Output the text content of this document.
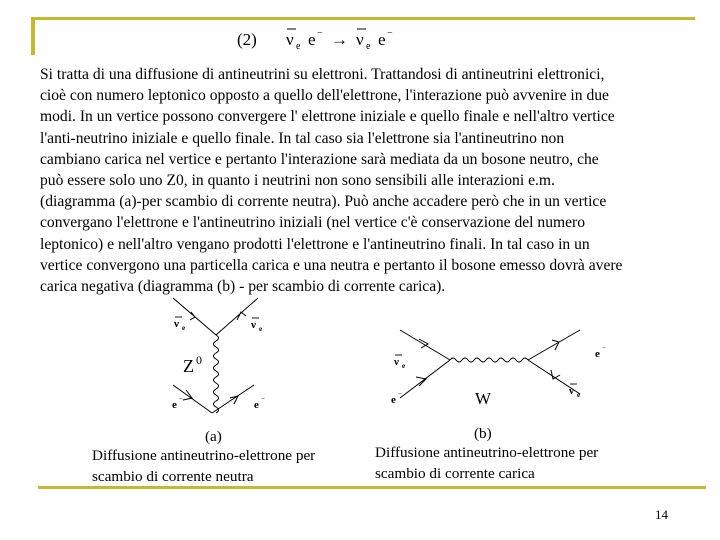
(2) ν e e − → ν e e −
Si tratta di una diffusione di antineutrini su elettroni. Trattandosi di antineutrini elettronici,
cioè con numero leptonico opposto a quello dell'elettrone, l'interazione può avvenire in due
modi. In un vertice possono convergere l' elettrone iniziale e quello finale e nell'altro vertice
l'anti-neutrino iniziale e quello finale. In tal caso sia l'elettrone sia l'antineutrino non
cambiano carica nel vertice e pertanto l'interazione sarà mediata da un bosone neutro, che
può essere solo uno Z0, in quanto i neutrini non sono sensibili alle interazioni e.m.
(diagramma (a)-per scambio di corrente neutra). Può anche accadere però che in un vertice
convergano l'elettrone e l'antineutrino iniziali (nel vertice c'è conservazione del numero
leptonico) e nell'altro vengano prodotti l'elettrone e l'antineutrino finali. In tal caso in un
vertice convergono una particella carica e una neutra e pertanto il bosone emesso dovrà avere
carica negativa (diagramma (b) - per scambio di corrente carica).
ν e	ν e
Z 0
e −	e −
ν e
e −
e −
ν e
W
(a)
Diffusione antineutrino-elettrone per
scambio di corrente neutra
(b)
Diffusione antineutrino-elettrone per
scambio di corrente carica
14
